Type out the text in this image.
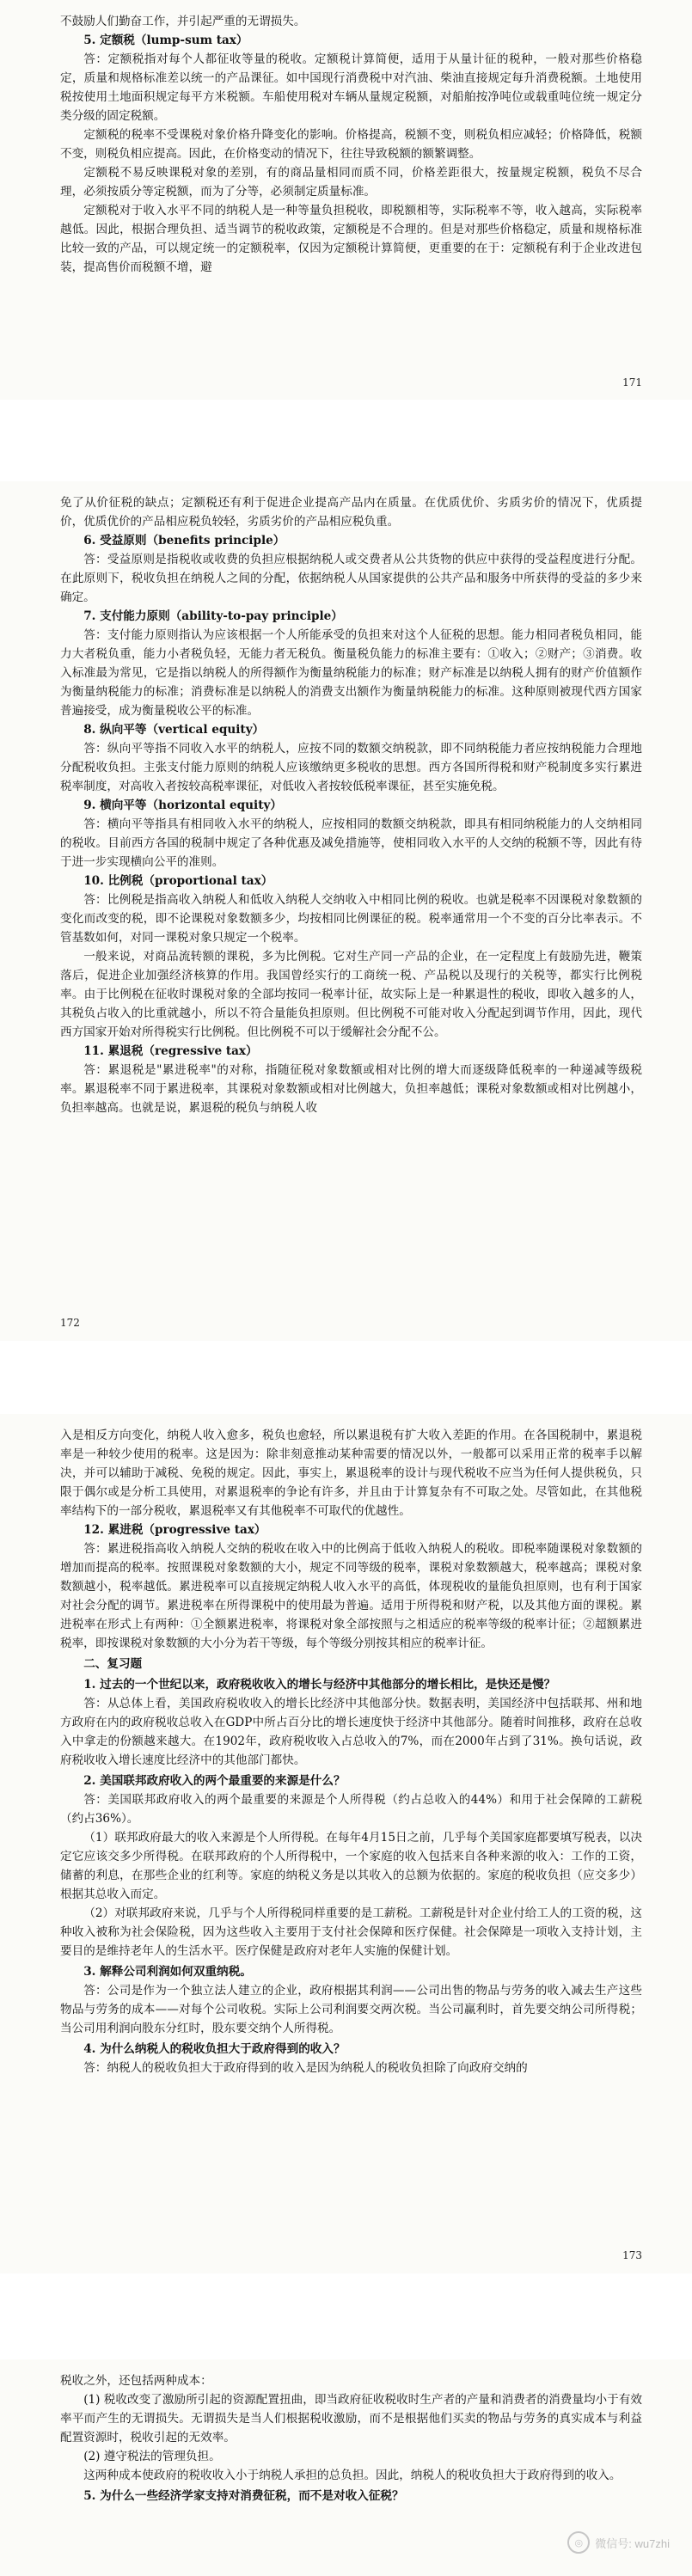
不鼓励人们勤奋工作，并引起严重的无谓损失。

5. 定额税（lump-sum tax）

答：定额税指对每个人都征收等量的税收。定额税计算简便，适用于从量计征的税种，一般对那些价格稳定，质量和规格标准差以统一的产品课征。如中国现行消费税中对汽油、柴油直接规定每升消费税额。土地使用税按使用土地面积规定每平方米税额。车船使用税对车辆从量规定税额，对船舶按净吨位或载重吨位统一规定分类分级的固定税额。

定额税的税率不受课税对象价格升降变化的影响。价格提高，税额不变，则税负相应减轻；价格降低，税额不变，则税负相应提高。因此，在价格变动的情况下，往往导致税额的额繁调整。

定额税不易反映课税对象的差别，有的商品量相同而质不同，价格差距很大，按量规定税额，税负不尽合理，必须按质分等定税额，而为了分等，必须制定质量标准。

定额税对于收入水平不同的纳税人是一种等量负担税收，即税额相等，实际税率不等，收入越高，实际税率越低。因此，根据合理负担、适当调节的税收政策，定额税是不合理的。但是对那些价格稳定，质量和规格标准比较一致的产品，可以规定统一的定额税率，仅因为定额税计算简便，更重要的在于：定额税有利于企业改进包装，提高售价而税额不增，避

171

免了从价征税的缺点；定额税还有利于促进企业提高产品内在质量。在优质优价、劣质劣价的情况下，优质提价，优质优价的产品相应税负较轻，劣质劣价的产品相应税负重。

6. 受益原则（benefits principle）

答：受益原则是指税收或收费的负担应根据纳税人或交费者从公共货物的供应中获得的受益程度进行分配。在此原则下，税收负担在纳税人之间的分配，依据纳税人从国家提供的公共产品和服务中所获得的受益的多少来确定。

7. 支付能力原则（ability-to-pay principle）

答：支付能力原则指认为应该根据一个人所能承受的负担来对这个人征税的思想。能力相同者税负相同，能力大者税负重，能力小者税负轻，无能力者无税负。衡量税负能力的标准主要有：①收入；②财产；③消费。收入标准最为常见，它是指以纳税人的所得额作为衡量纳税能力的标准；财产标准是以纳税人拥有的财产价值额作为衡量纳税能力的标准；消费标准是以纳税人的消费支出额作为衡量纳税能力的标准。这种原则被现代西方国家普遍接受，成为衡量税收公平的标准。

8. 纵向平等（vertical equity）

答：纵向平等指不同收入水平的纳税人，应按不同的数额交纳税款，即不同纳税能力者应按纳税能力合理地分配税收负担。主张支付能力原则的纳税人应该缴纳更多税收的思想。西方各国所得税和财产税制度多实行累进税率制度，对高收入者按较高税率课征，对低收入者按较低税率课征，甚至实施免税。

9. 横向平等（horizontal equity）

答：横向平等指具有相同收入水平的纳税人，应按相同的数额交纳税款，即具有相同纳税能力的人交纳相同的税收。目前西方各国的税制中规定了各种优惠及减免措施等，使相同收入水平的人交纳的税额不等，因此有待于进一步实现横向公平的准则。

10. 比例税（proportional tax）

答：比例税是指高收入纳税人和低收入纳税人交纳收入中相同比例的税收。也就是税率不因课税对象数额的变化而改变的税，即不论课税对象数额多少，均按相同比例课征的税。税率通常用一个不变的百分比率表示。不管基数如何，对同一课税对象只规定一个税率。

一般来说，对商品流转额的课税，多为比例税。它对生产同一产品的企业，在一定程度上有鼓励先进，鞭策落后，促进企业加强经济核算的作用。我国曾经实行的工商统一税、产品税以及现行的关税等，都实行比例税率。由于比例税在征收时课税对象的全部均按同一税率计征，故实际上是一种累退性的税收，即收入越多的人，其税负占收入的比重就越小，所以不符合量能负担原则。但比例税不可能对收入分配起到调节作用，因此，现代西方国家开始对所得税实行比例税。但比例税不可以于缓解社会分配不公。

11. 累退税（regressive tax）

答：累退税是"累进税率"的对称，指随征税对象数额或相对比例的增大而逐级降低税率的一种递减等级税率。累退税率不同于累进税率，其课税对象数额或相对比例越大，负担率越低；课税对象数额或相对比例越小，负担率越高。也就是说，累退税的税负与纳税人收

172

入是相反方向变化，纳税人收入愈多，税负也愈轻，所以累退税有扩大收入差距的作用。在各国税制中，累退税率是一种较少使用的税率。这是因为：除非刻意推动某种需要的情况以外，一般都可以采用正常的税率手以解决，并可以辅助于减税、免税的规定。因此，事实上，累退税率的设计与现代税收不应当为任何人提供税负，只限于偶尔或是分析工具使用，对累退税率的争论有许多，并且由于计算复杂有不可取之处。尽管如此，在其他税率结构下的一部分税收，累退税率又有其他税率不可取代的优越性。

12. 累进税（progressive tax）

答：累进税指高收入纳税人交纳的税收在收入中的比例高于低收入纳税人的税收。即税率随课税对象数额的增加而提高的税率。按照课税对象数额的大小，规定不同等级的税率，课税对象数额越大，税率越高；课税对象数额越小，税率越低。累进税率可以直接规定纳税人收入水平的高低，体现税收的量能负担原则，也有利于国家对社会分配的调节。累进税率在所得课税中的使用最为普遍。适用于所得税和财产税，以及其他方面的课税。累进税率在形式上有两种：①全额累进税率，将课税对象全部按照与之相适应的税率等级的税率计征；②超额累进税率，即按课税对象数额的大小分为若干等级，每个等级分别按其相应的税率计征。

二、复习题

1. 过去的一个世纪以来，政府税收收入的增长与经济中其他部分的增长相比，是快还是慢？

答：从总体上看，美国政府税收收入的增长比经济中其他部分快。数据表明，美国经济中包括联邦、州和地方政府在内的政府税收总收入在GDP中所占百分比的增长速度快于经济中其他部分。随着时间推移，政府在总收入中拿走的份额越来越大。在1902年，政府税收收入占总收入的7%，而在2000年占到了31%。换句话说，政府税收收入增长速度比经济中的其他部门都快。

2. 美国联邦政府收入的两个最重要的来源是什么？

答：美国联邦政府收入的两个最重要的来源是个人所得税（约占总收入的44%）和用于社会保障的工薪税（约占36%）。

（1）联邦政府最大的收入来源是个人所得税。在每年4月15日之前，几乎每个美国家庭都要填写税表，以决定它应该交多少所得税。在联邦政府的个人所得税中，一个家庭的收入包括来自各种来源的收入：工作的工资，储蓄的利息，在那些企业的红利等。家庭的纳税义务是以其收入的总额为依据的。家庭的税收负担（应交多少）根据其总收入而定。

（2）对联邦政府来说，几乎与个人所得税同样重要的是工薪税。工薪税是针对企业付给工人的工资的税，这种收入被称为社会保险税，因为这些收入主要用于支付社会保障和医疗保健。社会保障是一项收入支持计划，主要目的是维持老年人的生活水平。医疗保健是政府对老年人实施的保健计划。

3. 解释公司利润如何双重纳税。

答：公司是作为一个独立法人建立的企业，政府根据其利润——公司出售的物品与劳务的收入减去生产这些物品与劳务的成本——对每个公司收税。实际上公司利润要交两次税。当公司赢利时，首先要交纳公司所得税；当公司用利润向股东分红时，股东要交纳个人所得税。

4. 为什么纳税人的税收负担大于政府得到的收入？

答：纳税人的税收负担大于政府得到的收入是因为纳税人的税收负担除了向政府交纳的

173

税收之外，还包括两种成本：

(1) 税收改变了激励所引起的资源配置扭曲，即当政府征收税收时生产者的产量和消费者的消费量均小于有效率平而产生的无谓损失。无谓损失是当人们根据税收激励，而不是根据他们买卖的物品与劳务的真实成本与利益配置资源时，税收引起的无效率。

(2) 遵守税法的管理负担。

这两种成本使政府的税收收入小于纳税人承担的总负担。因此，纳税人的税收负担大于政府得到的收入。

5. 为什么一些经济学家支持对消费征税，而不是对收入征税？

◎	微信号: wu7zhi
